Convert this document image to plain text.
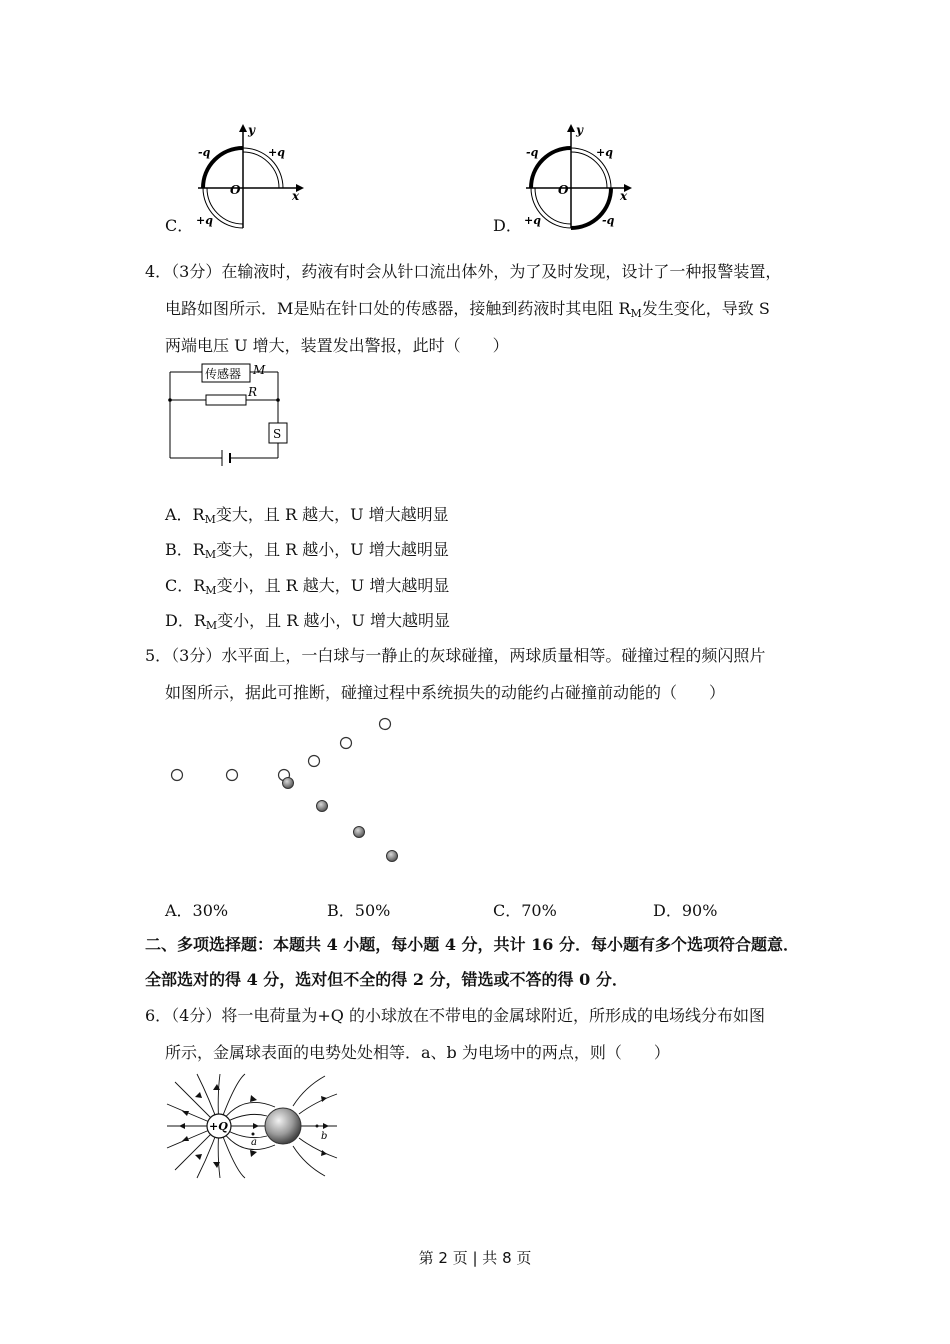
C．
y
x
O
-q	+q
+q	D．
y
x
O
-q	+q
+q	-q
4．（3分）在输液时，药液有时会从针口流出体外，为了及时发现，设计了一种报警装置，
电路如图所示．M是贴在针口处的传感器，接触到药液时其电阻 $R_M$发生变化，导致 S
两端电压 U 增大，装置发出警报，此时（　　）
传感器 M
R
S
A．$R_M$变大，且 R 越大，U 增大越明显
B．$R_M$变大，且 R 越小，U 增大越明显
C．$R_M$变小，且 R 越大，U 增大越明显
D．$R_M$变小，且 R 越小，U 增大越明显
5．（3分）水平面上，一白球与一静止的灰球碰撞，两球质量相等。碰撞过程的频闪照片
如图所示，据此可推断，碰撞过程中系统损失的动能约占碰撞前动能的（　　）
A．30%	B．50%	C．70%	D．90%
二、多项选择题：本题共 4 小题，每小题 4 分，共计 16 分．每小题有多个选项符合题意．
全部选对的得 4 分，选对但不全的得 2 分，错选或不答的得 0 分．
6．（4分）将一电荷量为+Q 的小球放在不带电的金属球附近，所形成的电场线分布如图
所示，金属球表面的电势处处相等．a、b 为电场中的两点，则（　　）
+Q
a
b
第 2 页 | 共 8 页
